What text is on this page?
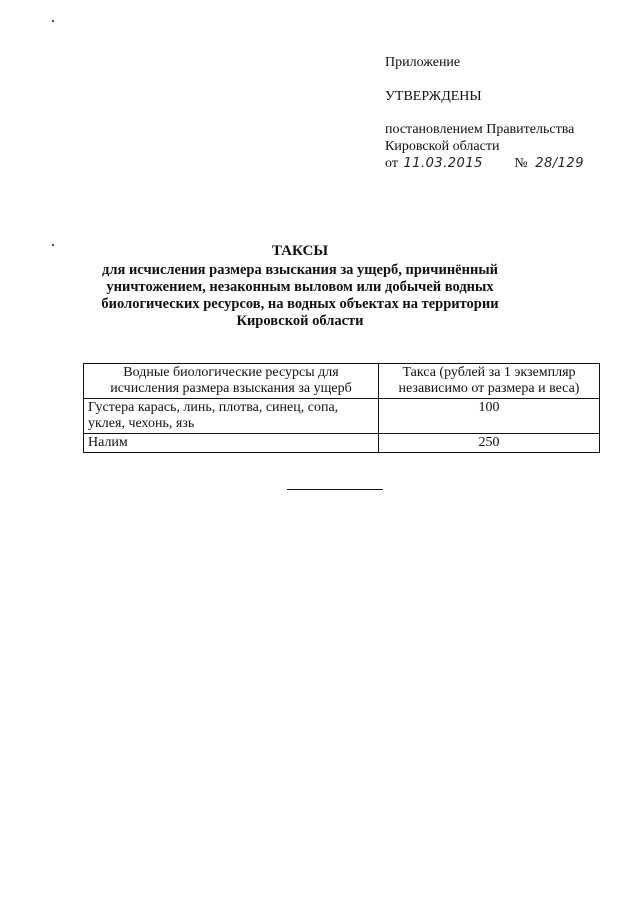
Приложение
УТВЕРЖДЕНЫ
постановлением Правительства
Кировской области
от 11.03.2015 № 28/129
ТАКСЫ
для исчисления размера взыскания за ущерб, причинённый уничтожением, незаконным выловом или добычей водных биологических ресурсов, на водных объектах на территории Кировской области
Водные биологические ресурсы для исчисления размера взыскания за ущерб	Такса (рублей за 1 экземпляр независимо от размера и веса)
Густера карась, линь, плотва, синец, сопа, уклея, чехонь, язь	100
Налим	250
